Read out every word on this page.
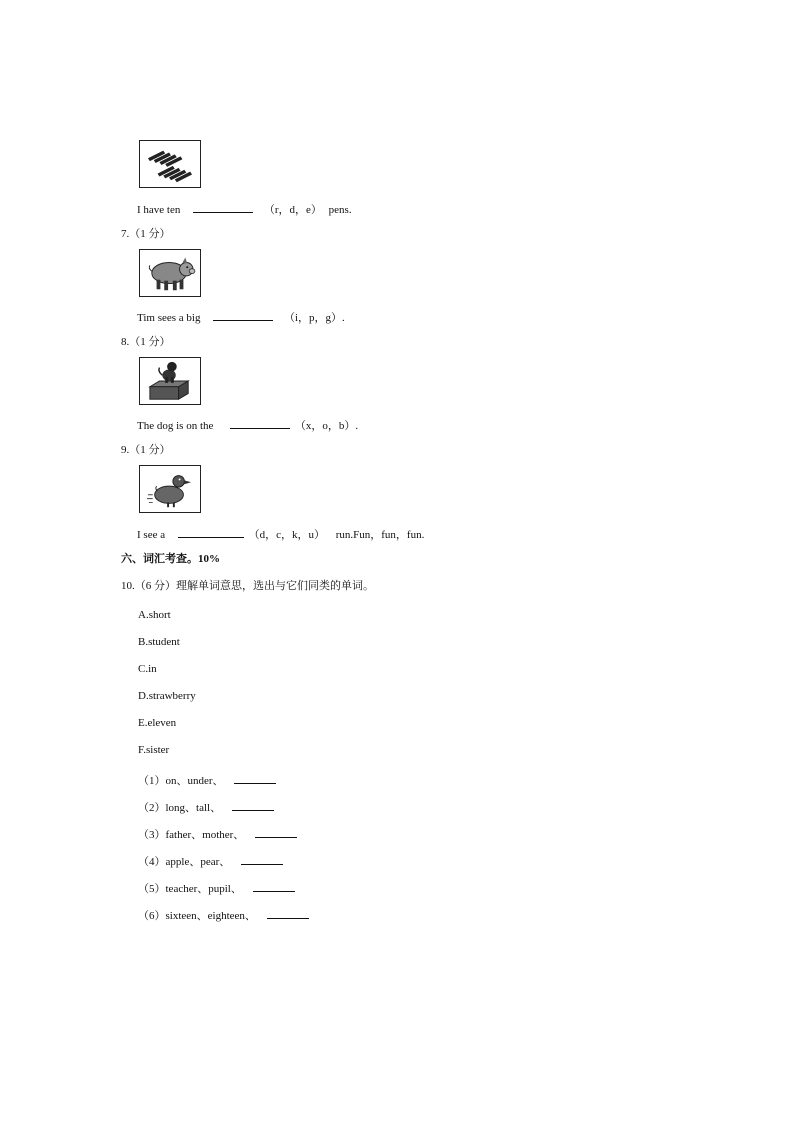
I have ten	（r，d，e） pens.
7.（1 分）
Tim sees a big	（i，p，g）.
8.（1 分）
The dog is on the	（x，o，b）.
9.（1 分）
I see a	（d，c，k，u） run.Fun，fun，fun.
六、词汇考查。10%
10.（6 分）理解单词意思，选出与它们同类的单词。
A.short
B.student
C.in
D.strawberry
E.eleven
F.sister
（1）on、under、
（2）long、tall、
（3）father、mother、
（4）apple、pear、
（5）teacher、pupil、
（6）sixteen、eighteen、
